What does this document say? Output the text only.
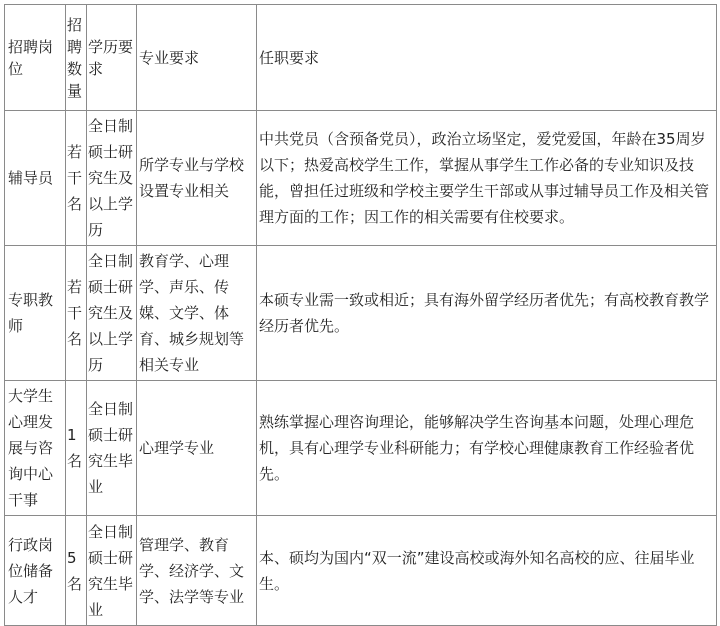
招聘岗位	招聘数量	学历要求	专业要求	任职要求
辅导员	若干名	全日制硕士研究生及以上学历	所学专业与学校设置专业相关	中共党员（含预备党员），政治立场坚定，爱党爱国，年龄在35周岁以下；热爱高校学生工作，掌握从事学生工作必备的专业知识及技能，曾担任过班级和学校主要学生干部或从事过辅导员工作及相关管理方面的工作；因工作的相关需要有住校要求。
专职教师	若干名	全日制硕士研究生及以上学历	教育学、心理学、声乐、传媒、文学、体育、城乡规划等相关专业	本硕专业需一致或相近；具有海外留学经历者优先；有高校教育教学经历者优先。
大学生心理发展与咨询中心干事	1名	全日制硕士研究生毕业	心理学专业	熟练掌握心理咨询理论，能够解决学生咨询基本问题，处理心理危机，具有心理学专业科研能力；有学校心理健康教育工作经验者优先。
行政岗位储备人才	5名	全日制硕士研究生毕业	管理学、教育学、经济学、文学、法学等专业	本、硕均为国内“双一流”建设高校或海外知名高校的应、往届毕业生。
